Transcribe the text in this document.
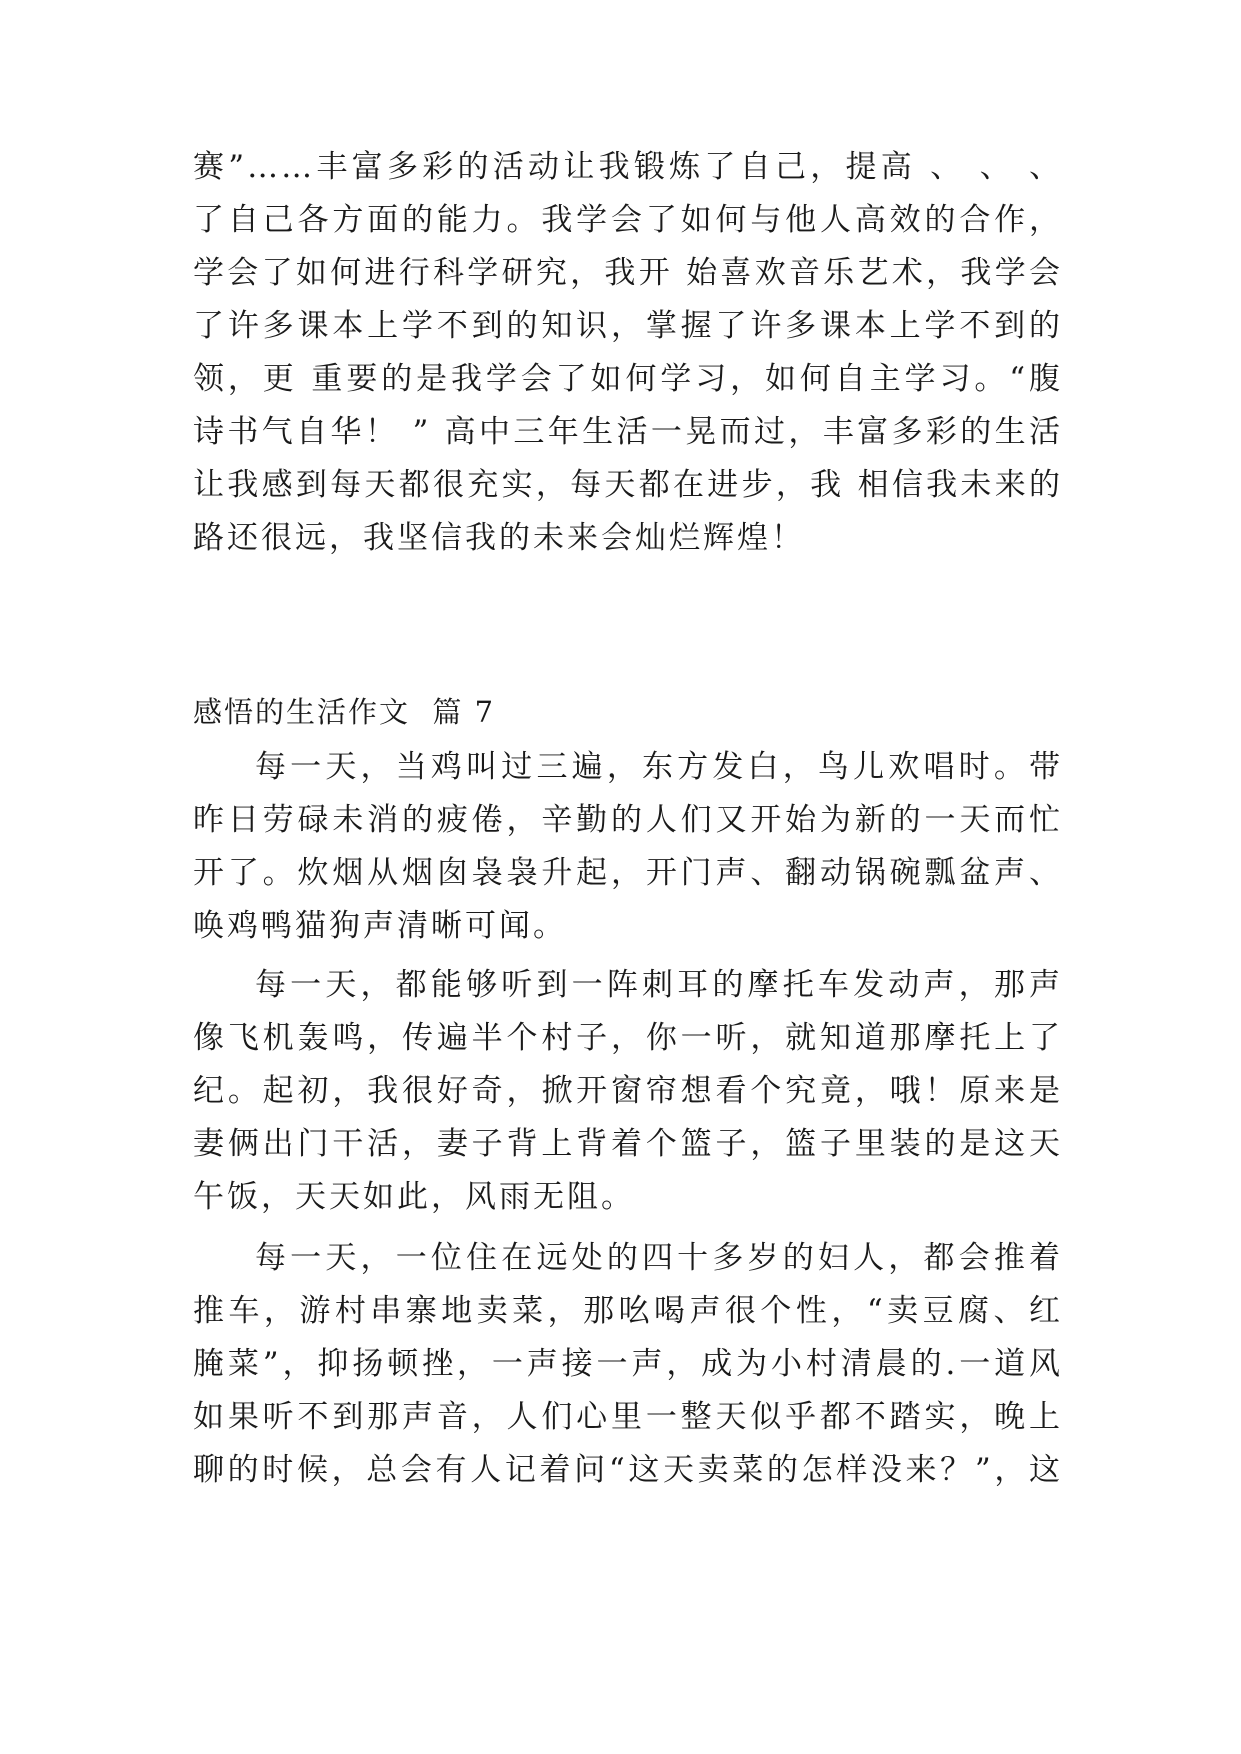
赛”……丰富多彩的活动让我锻炼了自己，提高 、 、 、
了自己各方面的能力。我学会了如何与他人高效的合作，
学会了如何进行科学研究，我开 始喜欢音乐艺术，我学会
了许多课本上学不到的知识，掌握了许多课本上学不到的
领，更 重要的是我学会了如何学习，如何自主学习。“腹
诗书气自华！ ” 高中三年生活一晃而过，丰富多彩的生活
让我感到每天都很充实，每天都在进步，我 相信我未来的
路还很远，我坚信我的未来会灿烂辉煌！
感悟的生活作文  篇 7
每一天，当鸡叫过三遍，东方发白，鸟儿欢唱时。带
昨日劳碌未消的疲倦，辛勤的人们又开始为新的一天而忙
开了。炊烟从烟囱袅袅升起，开门声、翻动锅碗瓢盆声、
唤鸡鸭猫狗声清晰可闻。
每一天，都能够听到一阵刺耳的摩托车发动声，那声
像飞机轰鸣，传遍半个村子，你一听，就知道那摩托上了
纪。起初，我很好奇，掀开窗帘想看个究竟，哦！原来是
妻俩出门干活，妻子背上背着个篮子，篮子里装的是这天
午饭，天天如此，风雨无阻。
每一天，一位住在远处的四十多岁的妇人，都会推着
推车，游村串寨地卖菜，那吆喝声很个性，“卖豆腐、红
腌菜”，抑扬顿挫，一声接一声，成为小村清晨的.一道风
如果听不到那声音，人们心里一整天似乎都不踏实，晚上
聊的时候，总会有人记着问“这天卖菜的怎样没来？”，这
